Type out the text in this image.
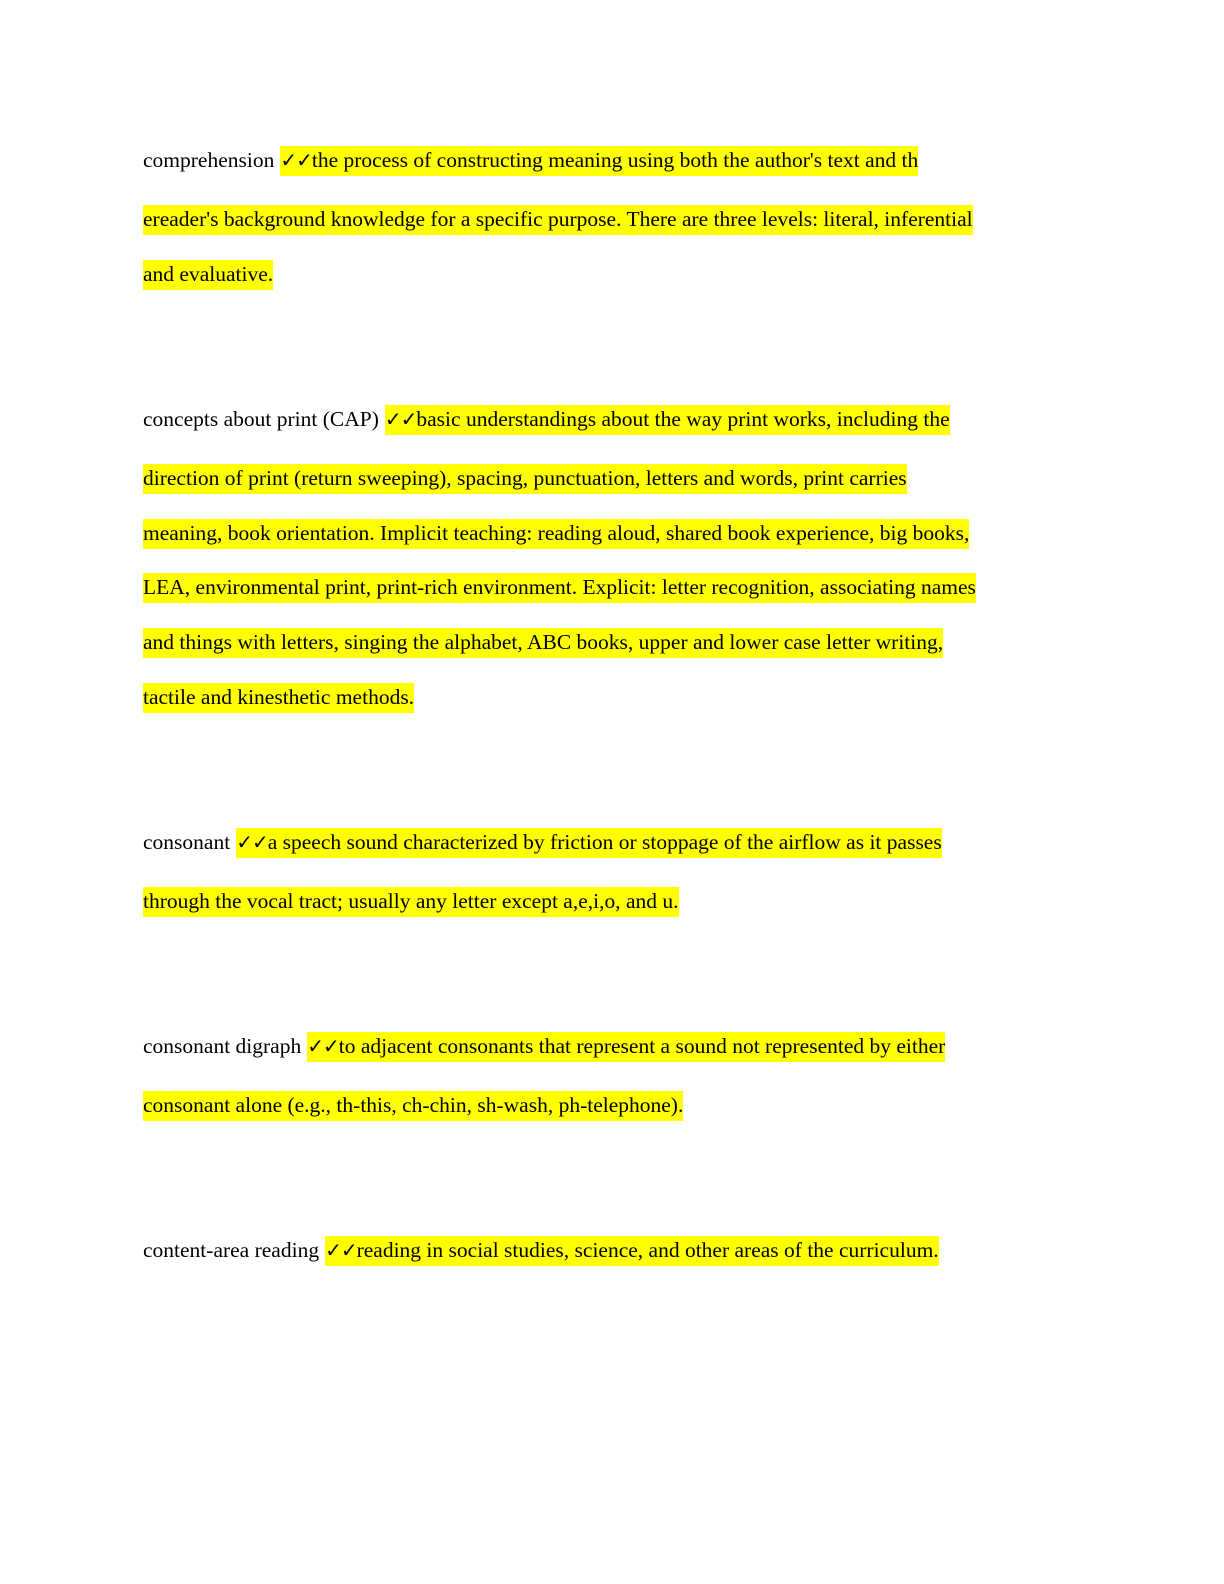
comprehension ✓✓the process of constructing meaning using both the author's text and th
ereader's background knowledge for a specific purpose. There are three levels: literal, inferential
and evaluative.
concepts about print (CAP) ✓✓basic understandings about the way print works, including the
direction of print (return sweeping), spacing, punctuation, letters and words, print carries
meaning, book orientation. Implicit teaching: reading aloud, shared book experience, big books,
LEA, environmental print, print-rich environment. Explicit: letter recognition, associating names
and things with letters, singing the alphabet, ABC books, upper and lower case letter writing,
tactile and kinesthetic methods.
consonant ✓✓a speech sound characterized by friction or stoppage of the airflow as it passes
through the vocal tract; usually any letter except a,e,i,o, and u.
consonant digraph ✓✓to adjacent consonants that represent a sound not represented by either
consonant alone (e.g., th-this, ch-chin, sh-wash, ph-telephone).
content-area reading ✓✓reading in social studies, science, and other areas of the curriculum.
